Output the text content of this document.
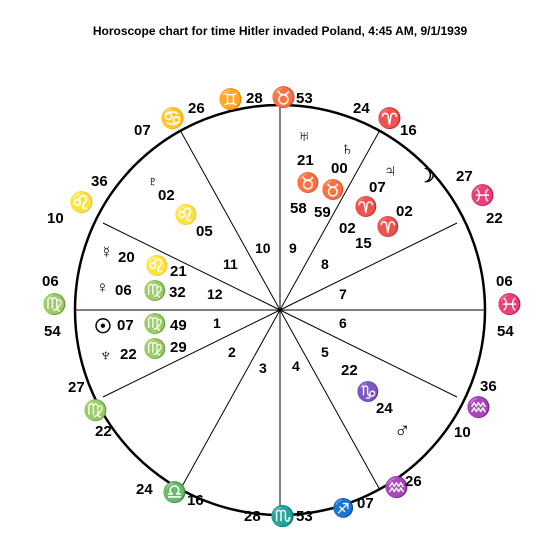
Horoscope chart for time Hitler invaded Poland, 4:45 AM, 9/1/1939
1
2
3 4
5
6
7
8
9
10
11
12
06
♍
54
27
♍
22
24 ♎ 16
28 ♏ 53 ♐ 07
♒
26
36
♒
10
06
♓
54
27
♓
22
24 ♈
16
28 ♉ 53
26 ♊
♋
07
36
♌
10
♅
21
♉
58
♄
00
♉
59
♃
07
♈
02
☽
02
♈
15
♇
02
♌
05
☿ 20 ♌ 21
♀ 06 ♍ 32
☉ 07 ♍ 49
♆ 22 ♍ 29
22
♑
24
♂
